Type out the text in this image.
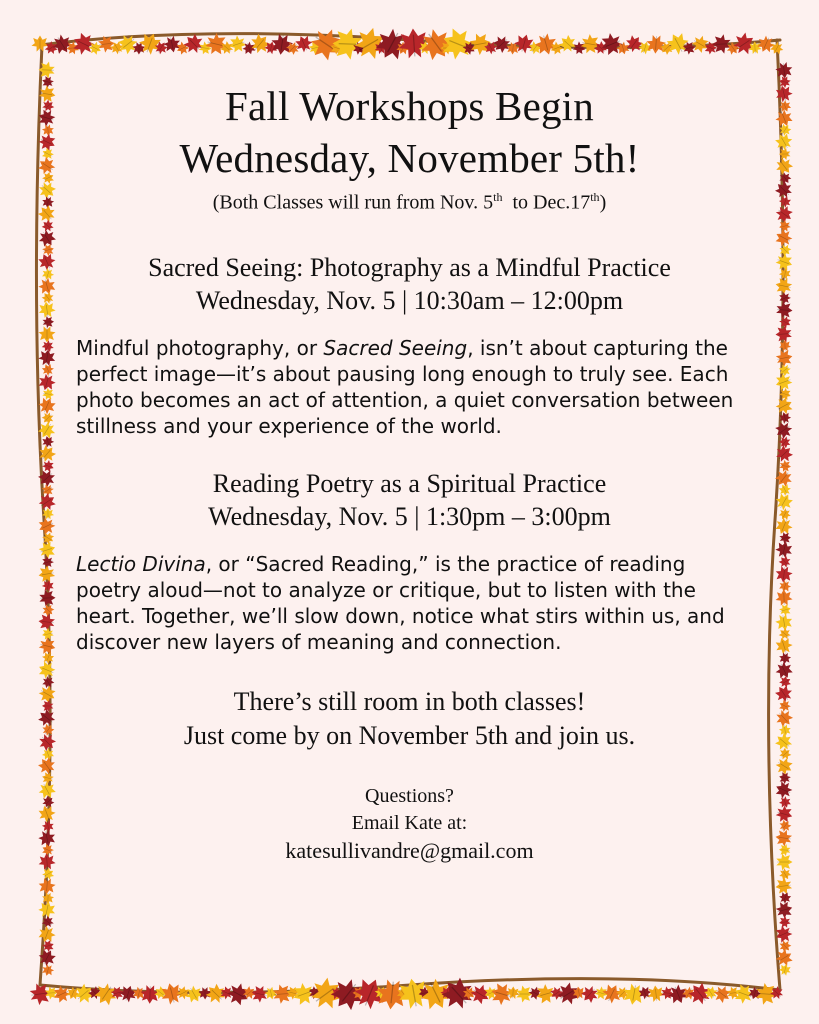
Fall Workshops Begin
Wednesday, November 5th!
(Both Classes will run from Nov. 5th  to Dec.17th)
Sacred Seeing: Photography as a Mindful Practice
Wednesday, Nov. 5 | 10:30am – 12:00pm

Mindful photography, or Sacred Seeing, isn’t about capturing the perfect image—it’s about pausing long enough to truly see. Each photo becomes an act of attention, a quiet conversation between stillness and your experience of the world.

Reading Poetry as a Spiritual Practice
Wednesday, Nov. 5 | 1:30pm – 3:00pm

Lectio Divina, or “Sacred Reading,” is the practice of reading poetry aloud—not to analyze or critique, but to listen with the heart. Together, we’ll slow down, notice what stirs within us, and discover new layers of meaning and connection.

There’s still room in both classes!
Just come by on November 5th and join us.
Questions?
Email Kate at:
katesullivandre@gmail.com
